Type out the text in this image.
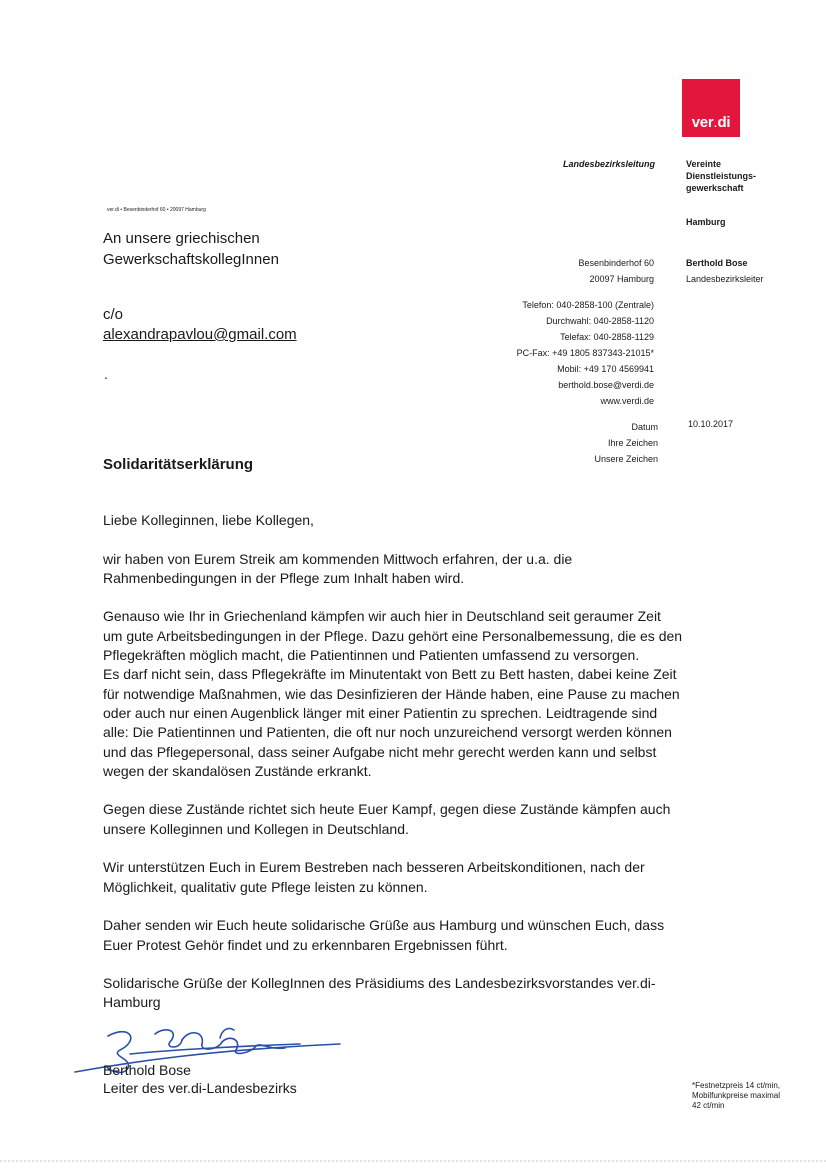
ver . di
Landesbezirksleitung	Vereinte
Dienstleistungs-
gewerkschaft
Hamburg
ver.di • Besenbinderhof 60 • 20097 Hamburg
An unsere griechischen
GewerkschaftskollegInnen
c/o
alexandrapavlou@gmail.com
.
Besenbinderhof 60
20097 Hamburg
Berthold Bose
Landesbezirksleiter
Telefon: 040-2858-100 (Zentrale)
Durchwahl: 040-2858-1120
Telefax: 040-2858-1129
PC-Fax: +49 1805 837343-21015*
Mobil: +49 170 4569941
berthold.bose@verdi.de
www.verdi.de
Datum
Ihre Zeichen
Unsere Zeichen
10.10.2017
Solidaritätserklärung

Liebe Kolleginnen, liebe Kollegen,

wir haben von Eurem Streik am kommenden Mittwoch erfahren, der u.a. die Rahmenbedingungen in der Pflege zum Inhalt haben wird.

Genauso wie Ihr in Griechenland kämpfen wir auch hier in Deutschland seit geraumer Zeit um gute Arbeitsbedingungen in der Pflege. Dazu gehört eine Personalbemessung, die es den Pflegekräften möglich macht, die Patientinnen und Patienten umfassend zu versorgen.

Es darf nicht sein, dass Pflegekräfte im Minutentakt von Bett zu Bett hasten, dabei keine Zeit für notwendige Maßnahmen, wie das Desinfizieren der Hände haben, eine Pause zu machen oder auch nur einen Augenblick länger mit einer Patientin zu sprechen. Leidtragende sind alle: Die Patientinnen und Patienten, die oft nur noch unzureichend versorgt werden können und das Pflegepersonal, dass seiner Aufgabe nicht mehr gerecht werden kann und selbst wegen der skandalösen Zustände erkrankt.

Gegen diese Zustände richtet sich heute Euer Kampf, gegen diese Zustände kämpfen auch unsere Kolleginnen und Kollegen in Deutschland.

Wir unterstützen Euch in Eurem Bestreben nach besseren Arbeitskonditionen, nach der Möglichkeit, qualitativ gute Pflege leisten zu können.

Daher senden wir Euch heute solidarische Grüße aus Hamburg und wünschen Euch, dass Euer Protest Gehör findet und zu erkennbaren Ergebnissen führt.

Solidarische Grüße der KollegInnen des Präsidiums des Landesbezirksvorstandes ver.di-Hamburg

Berthold Bose
Leiter des ver.di-Landesbezirks	*Festnetzpreis 14 ct/min,
Mobilfunkpreise maximal
42 ct/min
